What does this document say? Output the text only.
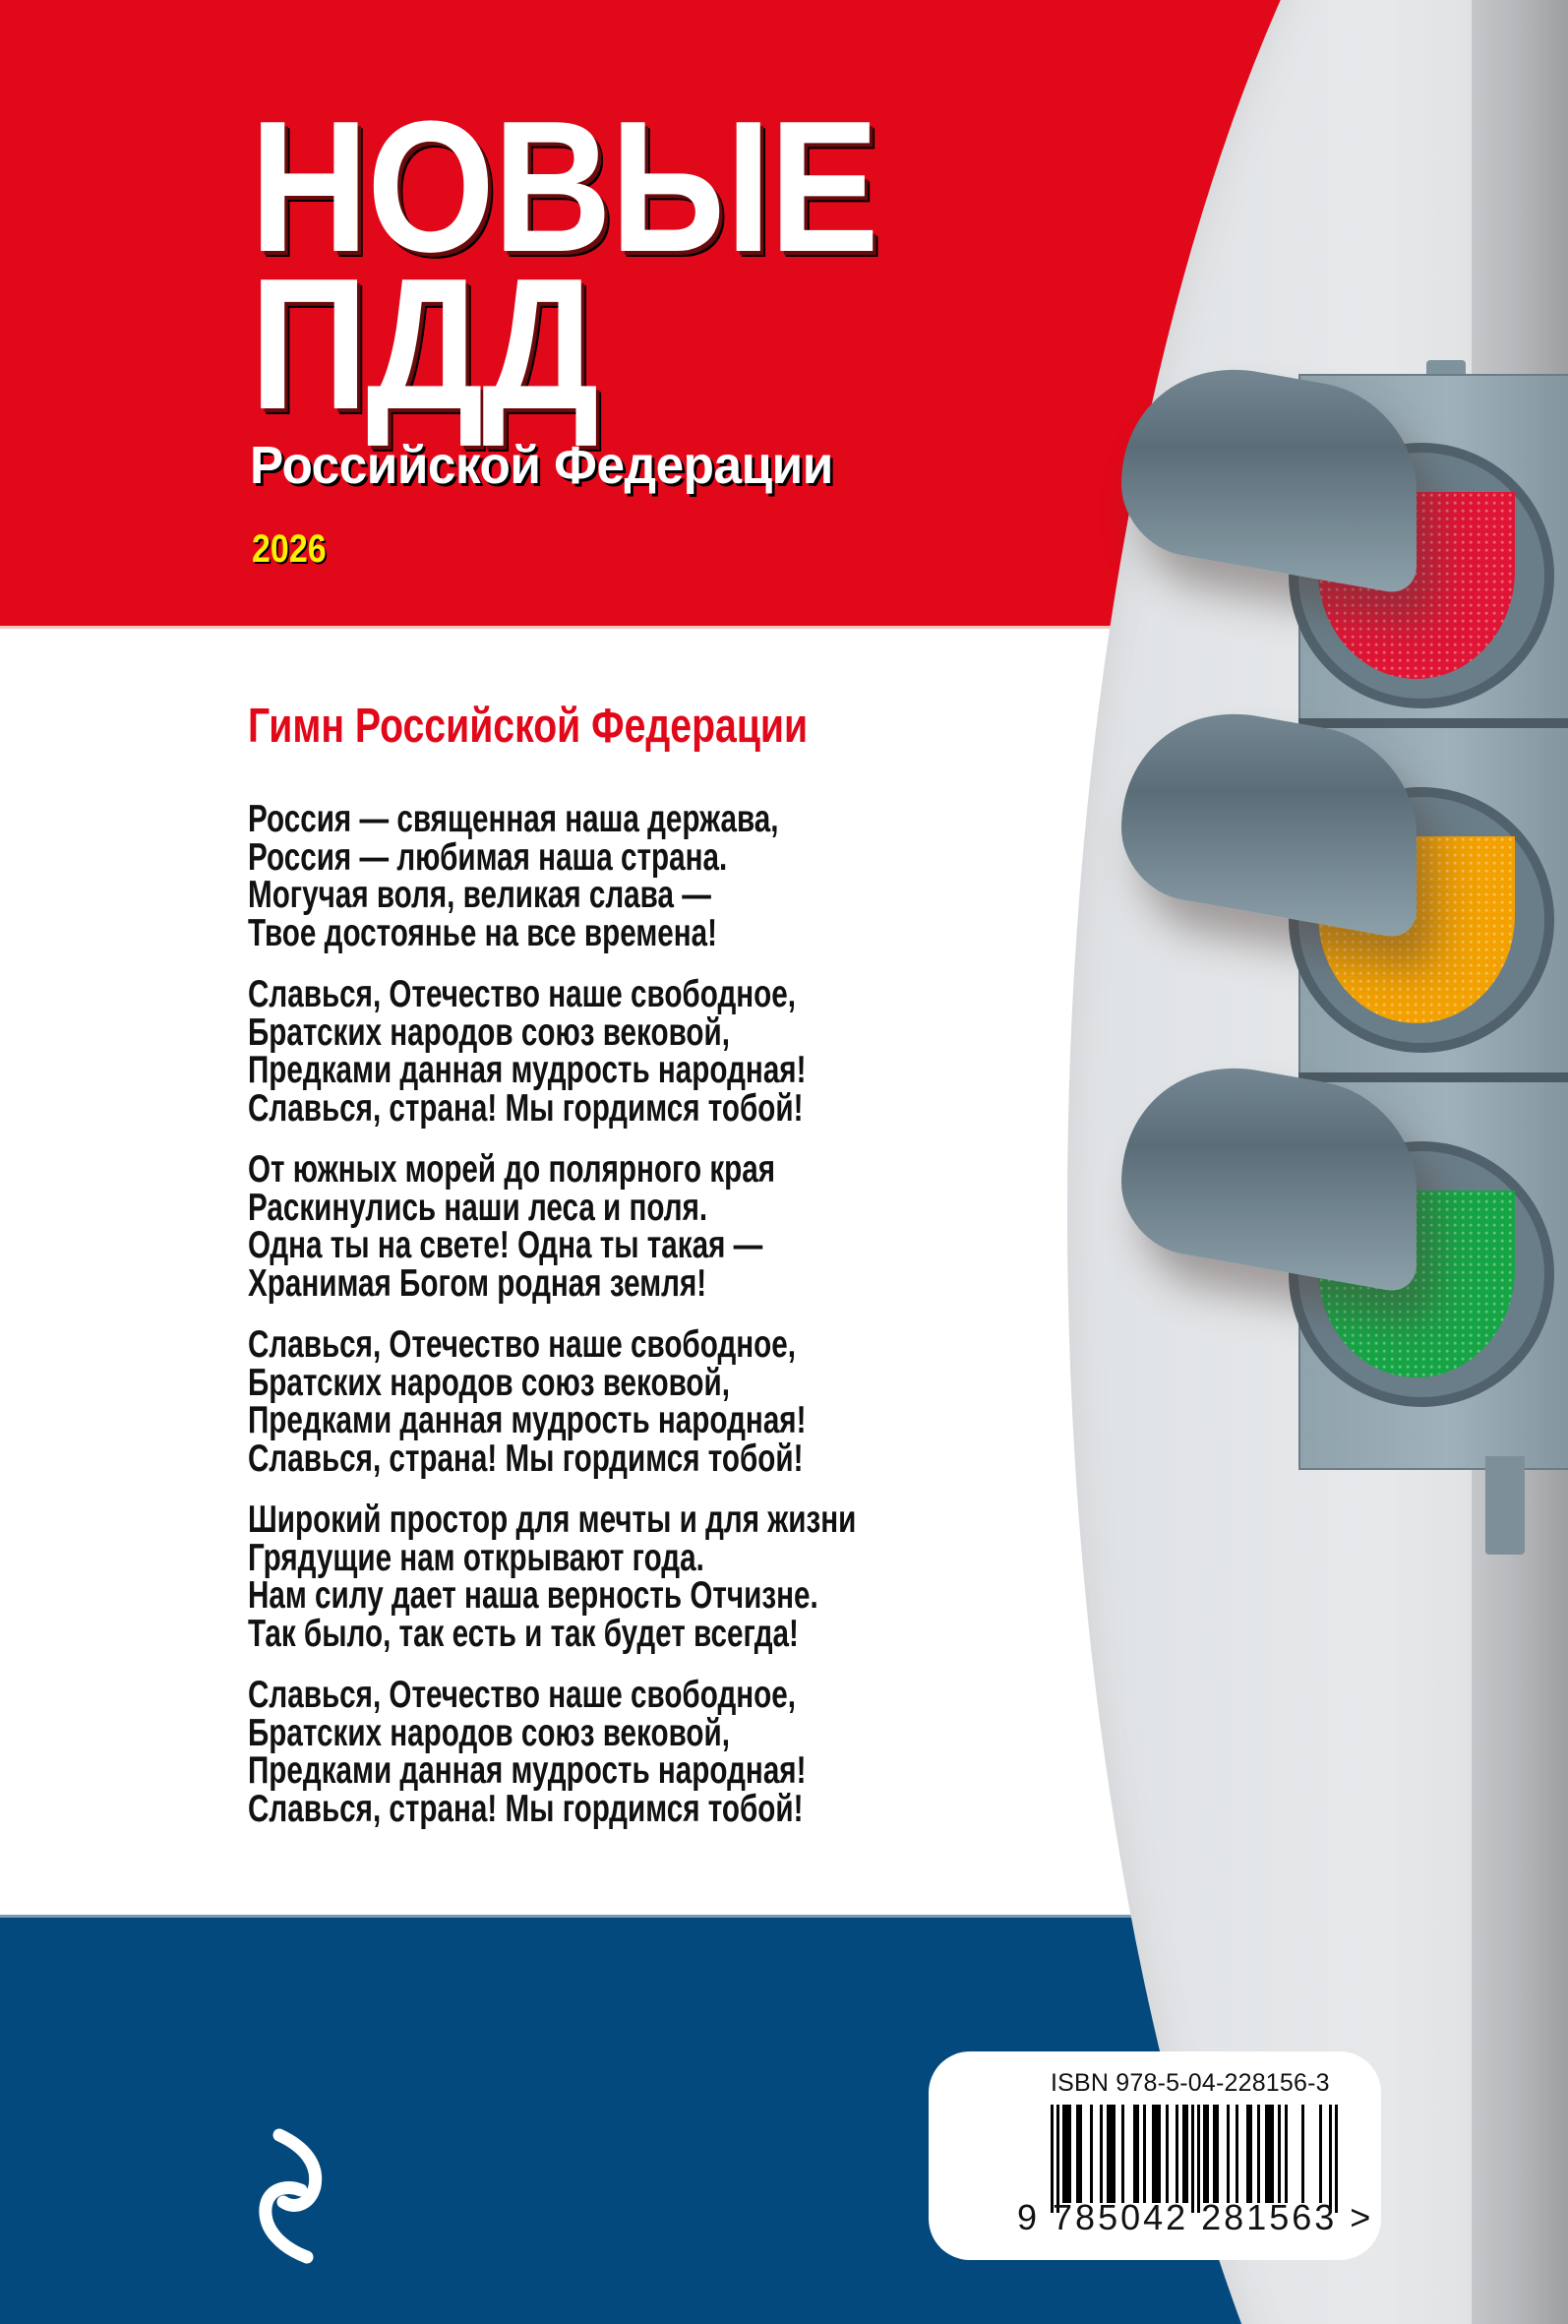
НОВЫЕ
ПДД

Российской Федерации

2026

Гимн Российской Федерации
Россия — священная наша держава,
Россия — любимая наша страна.
Могучая воля, великая слава —
Твое достоянье на все времена!
Славься, Отечество наше свободное,
Братских народов союз вековой,
Предками данная мудрость народная!
Славься, страна! Мы гордимся тобой!
От южных морей до полярного края
Раскинулись наши леса и поля.
Одна ты на свете! Одна ты такая —
Хранимая Богом родная земля!
Славься, Отечество наше свободное,
Братских народов союз вековой,
Предками данная мудрость народная!
Славься, страна! Мы гордимся тобой!
Широкий простор для мечты и для жизни
Грядущие нам открывают года.
Нам силу дает наша верность Отчизне.
Так было, так есть и так будет всегда!
Славься, Отечество наше свободное,
Братских народов союз вековой,
Предками данная мудрость народная!
Славься, страна! Мы гордимся тобой!

ISBN 978-5-04-228156-3

9 785042 281563 >
